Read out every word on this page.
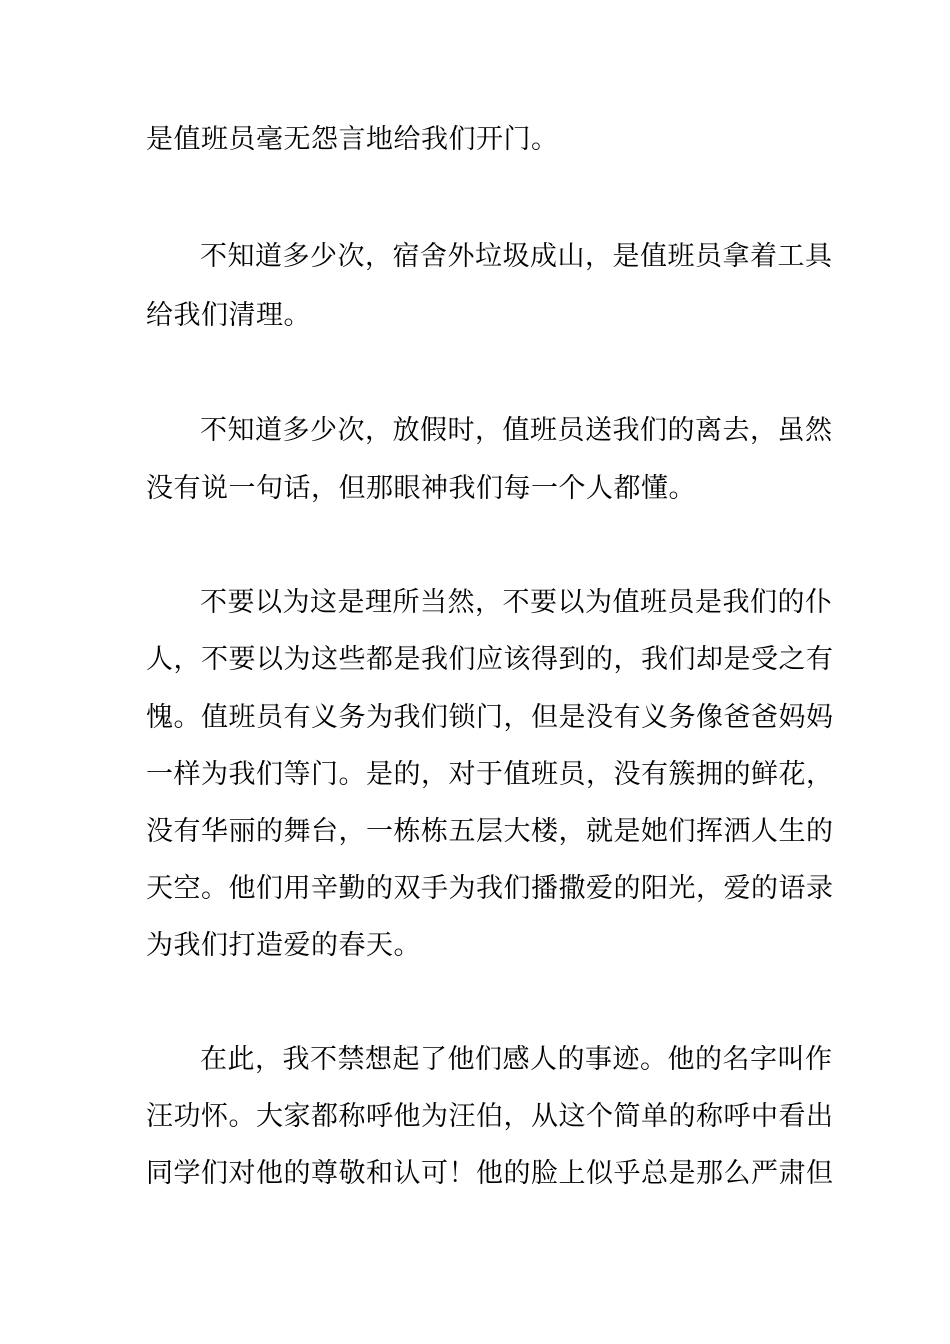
是值班员毫无怨言地给我们开门。
不知道多少次，宿舍外垃圾成山，是值班员拿着工具
给我们清理。
不知道多少次，放假时，值班员送我们的离去，虽然
没有说一句话，但那眼神我们每一个人都懂。
不要以为这是理所当然，不要以为值班员是我们的仆
人，不要以为这些都是我们应该得到的，我们却是受之有
愧。值班员有义务为我们锁门，但是没有义务像爸爸妈妈
一样为我们等门。是的，对于值班员，没有簇拥的鲜花，
没有华丽的舞台，一栋栋五层大楼，就是她们挥洒人生的
天空。他们用辛勤的双手为我们播撒爱的阳光，爱的语录
为我们打造爱的春天。
在此，我不禁想起了他们感人的事迹。他的名字叫作
汪功怀。大家都称呼他为汪伯，从这个简单的称呼中看出
同学们对他的尊敬和认可！他的脸上似乎总是那么严肃但
